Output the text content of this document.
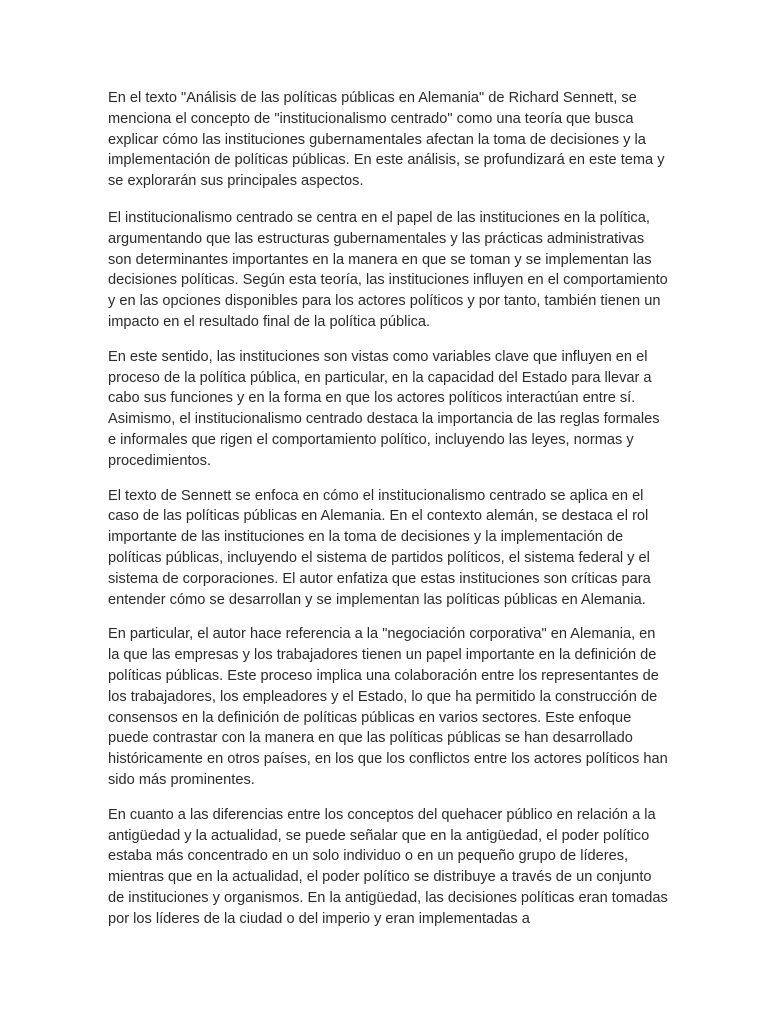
En el texto "Análisis de las políticas públicas en Alemania" de Richard Sennett, se menciona el concepto de "institucionalismo centrado" como una teoría que busca explicar cómo las instituciones gubernamentales afectan la toma de decisiones y la implementación de políticas públicas. En este análisis, se profundizará en este tema y se explorarán sus principales aspectos.

El institucionalismo centrado se centra en el papel de las instituciones en la política, argumentando que las estructuras gubernamentales y las prácticas administrativas son determinantes importantes en la manera en que se toman y se implementan las decisiones políticas. Según esta teoría, las instituciones influyen en el comportamiento y en las opciones disponibles para los actores políticos y por tanto, también tienen un impacto en el resultado final de la política pública.

En este sentido, las instituciones son vistas como variables clave que influyen en el proceso de la política pública, en particular, en la capacidad del Estado para llevar a cabo sus funciones y en la forma en que los actores políticos interactúan entre sí. Asimismo, el institucionalismo centrado destaca la importancia de las reglas formales e informales que rigen el comportamiento político, incluyendo las leyes, normas y procedimientos.

El texto de Sennett se enfoca en cómo el institucionalismo centrado se aplica en el caso de las políticas públicas en Alemania. En el contexto alemán, se destaca el rol importante de las instituciones en la toma de decisiones y la implementación de políticas públicas, incluyendo el sistema de partidos políticos, el sistema federal y el sistema de corporaciones. El autor enfatiza que estas instituciones son críticas para entender cómo se desarrollan y se implementan las políticas públicas en Alemania.

En particular, el autor hace referencia a la "negociación corporativa" en Alemania, en la que las empresas y los trabajadores tienen un papel importante en la definición de políticas públicas. Este proceso implica una colaboración entre los representantes de los trabajadores, los empleadores y el Estado, lo que ha permitido la construcción de consensos en la definición de políticas públicas en varios sectores. Este enfoque puede contrastar con la manera en que las políticas públicas se han desarrollado históricamente en otros países, en los que los conflictos entre los actores políticos han sido más prominentes.

En cuanto a las diferencias entre los conceptos del quehacer público en relación a la antigüedad y la actualidad, se puede señalar que en la antigüedad, el poder político estaba más concentrado en un solo individuo o en un pequeño grupo de líderes, mientras que en la actualidad, el poder político se distribuye a través de un conjunto de instituciones y organismos. En la antigüedad, las decisiones políticas eran tomadas por los líderes de la ciudad o del imperio y eran implementadas a
